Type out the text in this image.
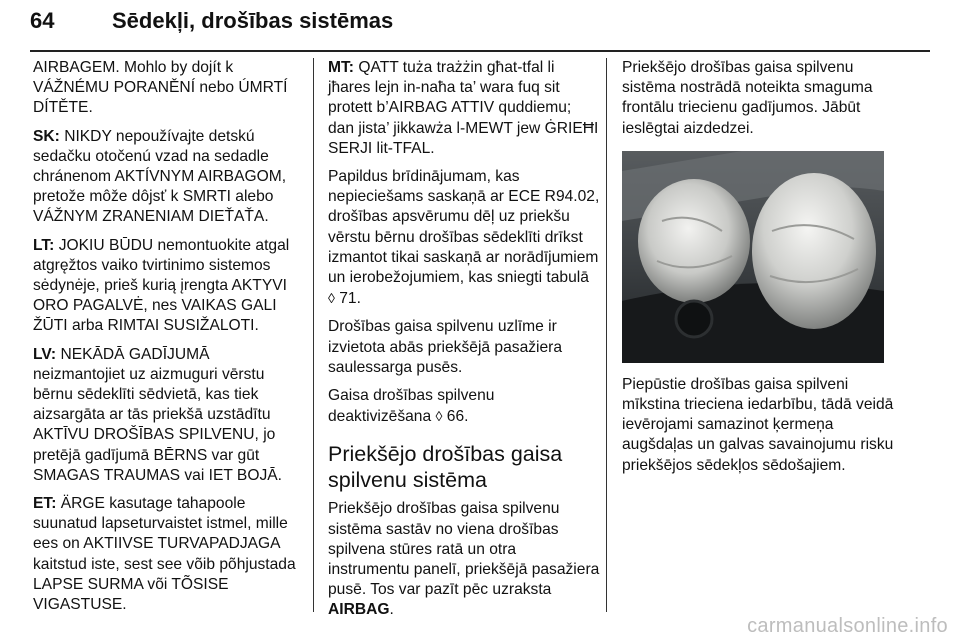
64	Sēdekļi, drošības sistēmas

AIRBAGEM. Mohlo by dojít k VÁŽNÉMU PORANĚNÍ nebo ÚMRTÍ DÍTĚTE.

SK: NIKDY nepoužívajte detskú sedačku otočenú vzad na sedadle chránenom AKTÍVNYM AIRBAGOM, pretože môže dôjsť k SMRTI alebo VÁŽNYM ZRANENIAM DIEŤAŤA.

LT: JOKIU BŪDU nemontuokite atgal atgręžtos vaiko tvirtinimo sistemos sėdynėje, prieš kurią įrengta AKTYVI ORO PAGALVĖ, nes VAIKAS GALI ŽŪTI arba RIMTAI SUSIŽALOTI.

LV: NEKĀDĀ GADĪJUMĀ neizmantojiet uz aizmuguri vērstu bērnu sēdeklīti sēdvietā, kas tiek aizsargāta ar tās priekšā uzstādītu AKTĪVU DROŠĪBAS SPILVENU, jo pretējā gadījumā BĒRNS var gūt SMAGAS TRAUMAS vai IET BOJĀ.

ET: ÄRGE kasutage tahapoole suunatud lapseturvaistet istmel, mille ees on AKTIIVSE TURVAPADJAGA kaitstud iste, sest see võib põhjustada LAPSE SURMA või TÕSISE VIGASTUSE.

MT: QATT tuża trażżin għat-tfal li jħares lejn in-naħa ta’ wara fuq sit protett b’AIRBAG ATTIV quddiemu; dan jista’ jikkawża l-MEWT jew ĠRIEĦI SERJI lit-TFAL.

Papildus brīdinājumam, kas nepieciešams saskaņā ar ECE R94.02, drošības apsvērumu dēļ uz priekšu vērstu bērnu drošības sēdeklīti drīkst izmantot tikai saskaņā ar norādījumiem un ierobežojumiem, kas sniegti tabulā ◊ 71.

Drošības gaisa spilvenu uzlīme ir izvietota abās priekšējā pasažiera saulessarga pusēs.

Gaisa drošības spilvenu deaktivizēšana ◊ 66.

Priekšējo drošības gaisa spilvenu sistēma

Priekšējo drošības gaisa spilvenu sistēma sastāv no viena drošības spilvena stūres ratā un otra instrumentu panelī, priekšējā pasažiera pusē. Tos var pazīt pēc uzraksta AIRBAG.

Priekšējo drošības gaisa spilvenu sistēma nostrādā noteikta smaguma frontālu triecienu gadījumos. Jābūt ieslēgtai aizdedzei.

Piepūstie drošības gaisa spilveni mīkstina trieciena iedarbību, tādā veidā ievērojami samazinot ķermeņa augšdaļas un galvas savainojumu risku priekšējos sēdekļos sēdošajiem.

carmanualsonline.info
